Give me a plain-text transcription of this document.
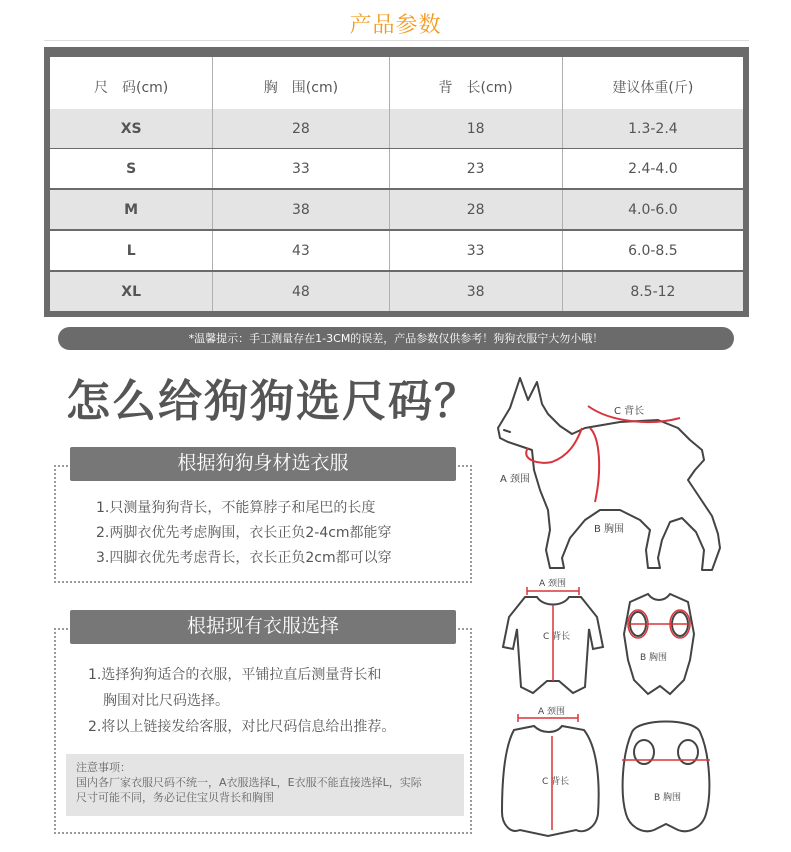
产品参数
尺　码(cm)	胸　围(cm)	背　长(cm)	建议体重(斤)
XS	28	18	1.3-2.4
S	33	23	2.4-4.0
M	38	28	4.0-6.0
L	43	33	6.0-8.5
XL	48	38	8.5-12
*温馨提示：手工测量存在1-3CM的误差，产品参数仅供参考！狗狗衣服宁大勿小哦！
怎么给狗狗选尺码？
根据狗狗身材选衣服
1.只测量狗狗背长，不能算脖子和尾巴的长度
2.两脚衣优先考虑胸围，衣长正负2-4cm都能穿
3.四脚衣优先考虑背长，衣长正负2cm都可以穿
根据现有衣服选择
1.选择狗狗适合的衣服，平铺拉直后测量背长和
胸围对比尺码选择。
2.将以上链接发给客服，对比尺码信息给出推荐。
注意事项：
国内各厂家衣服尺码不统一，A衣服选择L，E衣服不能直接选择L，实际
尺寸可能不同，务必记住宝贝背长和胸围
C 背长
A 颈围
B 胸围
A 颈围
C 背长
B 胸围
A 颈围
C 背长
B 胸围
